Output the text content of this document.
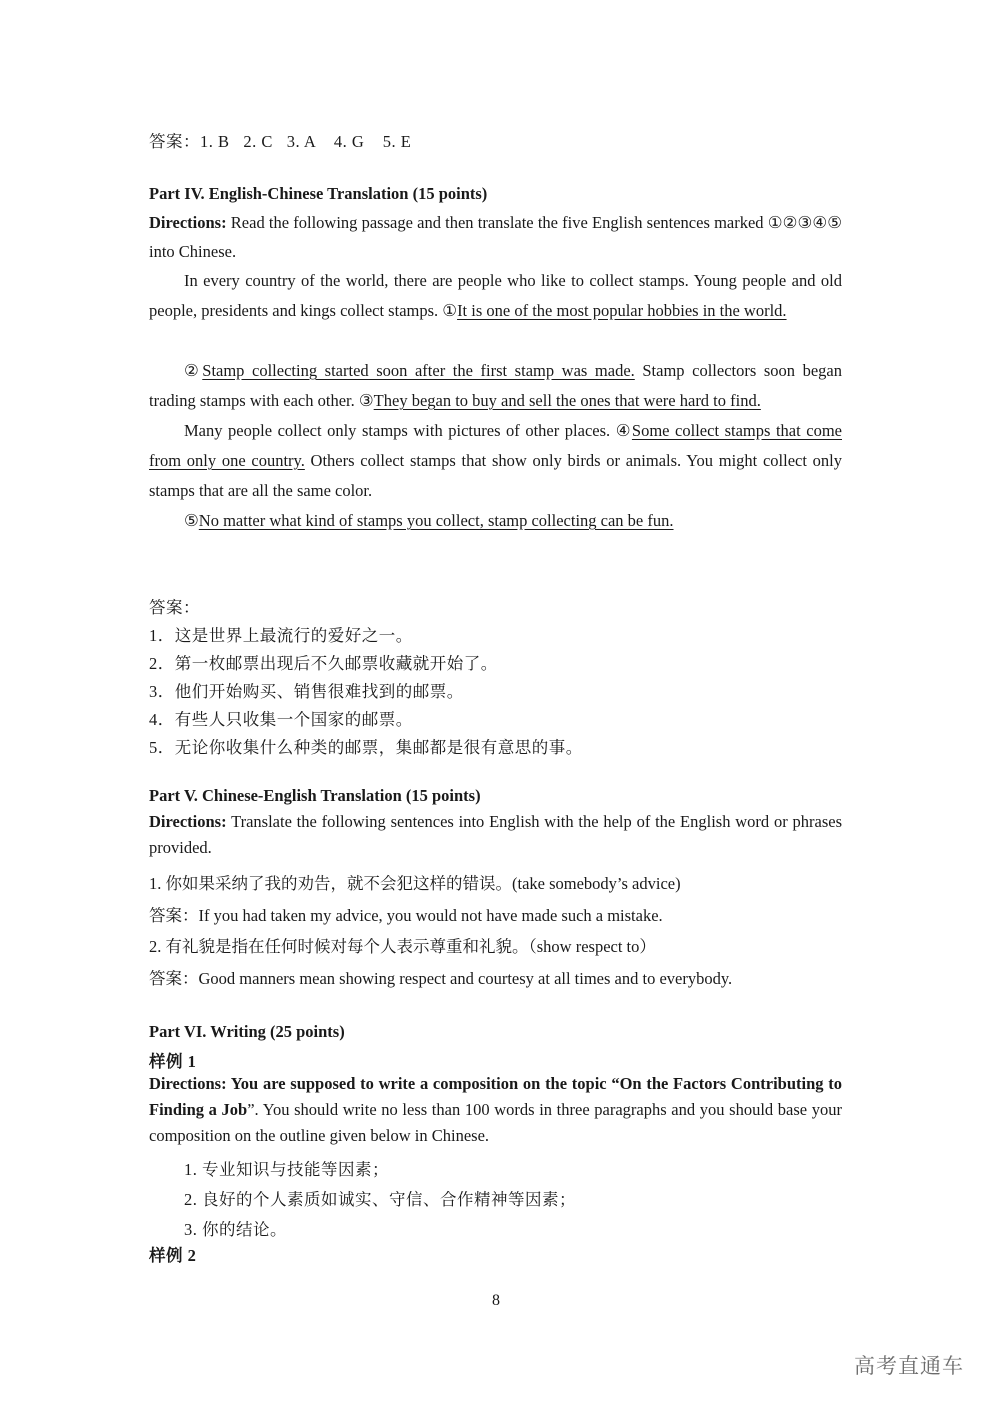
答案：1. B   2. C   3. A    4. G    5. E
Part IV. English-Chinese Translation (15 points)
Directions: Read the following passage and then translate the five English sentences marked ①②③④⑤ into Chinese.
In every country of the world, there are people who like to collect stamps. Young people and old people, presidents and kings collect stamps. ①It is one of the most popular hobbies in the world.
②Stamp collecting started soon after the first stamp was made. Stamp collectors soon began trading stamps with each other. ③They began to buy and sell the ones that were hard to find.
Many people collect only stamps with pictures of other places. ④Some collect stamps that come from only one country. Others collect stamps that show only birds or animals. You might collect only stamps that are all the same color.
⑤No matter what kind of stamps you collect, stamp collecting can be fun.
答案：
1．这是世界上最流行的爱好之一。
2．第一枚邮票出现后不久邮票收藏就开始了。
3．他们开始购买、销售很难找到的邮票。
4．有些人只收集一个国家的邮票。
5．无论你收集什么种类的邮票，集邮都是很有意思的事。
Part V. Chinese-English Translation (15 points)
Directions: Translate the following sentences into English with the help of the English word or phrases provided.
1. 你如果采纳了我的劝告，就不会犯这样的错误。(take somebody’s advice)
答案：If you had taken my advice, you would not have made such a mistake.
2. 有礼貌是指在任何时候对每个人表示尊重和礼貌。（show respect to）
答案：Good manners mean showing respect and courtesy at all times and to everybody.
Part VI. Writing (25 points)
样例 1
Directions: You are supposed to write a composition on the topic “On the Factors Contributing to Finding a Job”. You should write no less than 100 words in three paragraphs and you should base your composition on the outline given below in Chinese.
1. 专业知识与技能等因素；
2. 良好的个人素质如诚实、守信、合作精神等因素；
3. 你的结论。
样例 2
8
高考直通车
